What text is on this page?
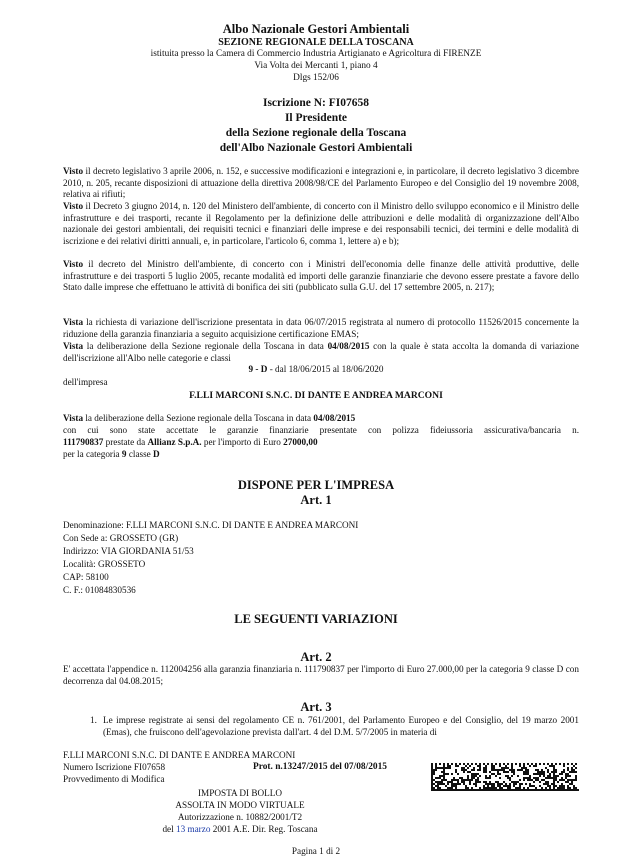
Albo Nazionale Gestori Ambientali
SEZIONE REGIONALE DELLA TOSCANA
istituita presso la Camera di Commercio Industria Artigianato e Agricoltura di FIRENZE
Via Volta dei Mercanti 1, piano 4
Dlgs 152/06
Iscrizione N: FI07658
Il Presidente
della Sezione regionale della Toscana
dell'Albo Nazionale Gestori Ambientali
Visto il decreto legislativo 3 aprile 2006, n. 152, e successive modificazioni e integrazioni e, in particolare, il decreto legislativo 3 dicembre 2010, n. 205, recante disposizioni di attuazione della direttiva 2008/98/CE del Parlamento Europeo e del Consiglio del 19 novembre 2008, relativa ai rifiuti;
Visto il Decreto 3 giugno 2014, n. 120 del Ministero dell'ambiente, di concerto con il Ministro dello sviluppo economico e il Ministro delle infrastrutture e dei trasporti, recante il Regolamento per la definizione delle attribuzioni e delle modalità di organizzazione dell'Albo nazionale dei gestori ambientali, dei requisiti tecnici e finanziari delle imprese e dei responsabili tecnici, dei termini e delle modalità di iscrizione e dei relativi diritti annuali, e, in particolare, l'articolo 6, comma 1, lettere a) e b);
Visto il decreto del Ministro dell'ambiente, di concerto con i Ministri dell'economia delle finanze delle attività produttive, delle infrastrutture e dei trasporti 5 luglio 2005, recante modalità ed importi delle garanzie finanziarie che devono essere prestate a favore dello Stato dalle imprese che effettuano le attività di bonifica dei siti (pubblicato sulla G.U. del 17 settembre 2005, n. 217);
Vista la richiesta di variazione dell'iscrizione presentata in data 06/07/2015 registrata al numero di protocollo 11526/2015 concernente la riduzione della garanzia finanziaria a seguito acquisizione certificazione EMAS;
Vista la deliberazione della Sezione regionale della Toscana in data 04/08/2015 con la quale è stata accolta la domanda di variazione dell'iscrizione all'Albo nelle categorie e classi
9 - D - dal 18/06/2015 al 18/06/2020
dell'impresa
F.LLI MARCONI S.N.C. DI DANTE E ANDREA MARCONI
Vista la deliberazione della Sezione regionale della Toscana in data 04/08/2015
con cui sono state accettate le garanzie finanziarie presentate con polizza fideiussoria assicurativa/bancaria n.
111790837 prestate da Allianz S.p.A. per l'importo di Euro 27000,00
per la categoria 9 classe D
DISPONE PER L'IMPRESA
Art. 1
Denominazione: F.LLI MARCONI S.N.C. DI DANTE E ANDREA MARCONI
Con Sede a: GROSSETO (GR)
Indirizzo: VIA GIORDANIA 51/53
Località: GROSSETO
CAP: 58100
C. F.: 01084830536
LE SEGUENTI VARIAZIONI
Art. 2
E' accettata l'appendice n. 112004256 alla garanzia finanziaria n. 111790837 per l'importo di Euro 27.000,00 per la categoria 9 classe D con decorrenza dal 04.08.2015;
Art. 3
1. Le imprese registrate ai sensi del regolamento CE n. 761/2001, del Parlamento Europeo e del Consiglio, del 19 marzo 2001 (Emas), che fruiscono dell'agevolazione prevista dall'art. 4 del D.M. 5/7/2005 in materia di
F.LLI MARCONI S.N.C. DI DANTE E ANDREA MARCONI
Numero Iscrizione FI07658	Prot. n.13247/2015 del 07/08/2015
Provvedimento di Modifica
IMPOSTA DI BOLLO
ASSOLTA IN MODO VIRTUALE
Autorizzazione n. 10882/2001/T2
del 13 marzo 2001 A.E. Dir. Reg. Toscana
Pagina 1 di 2
